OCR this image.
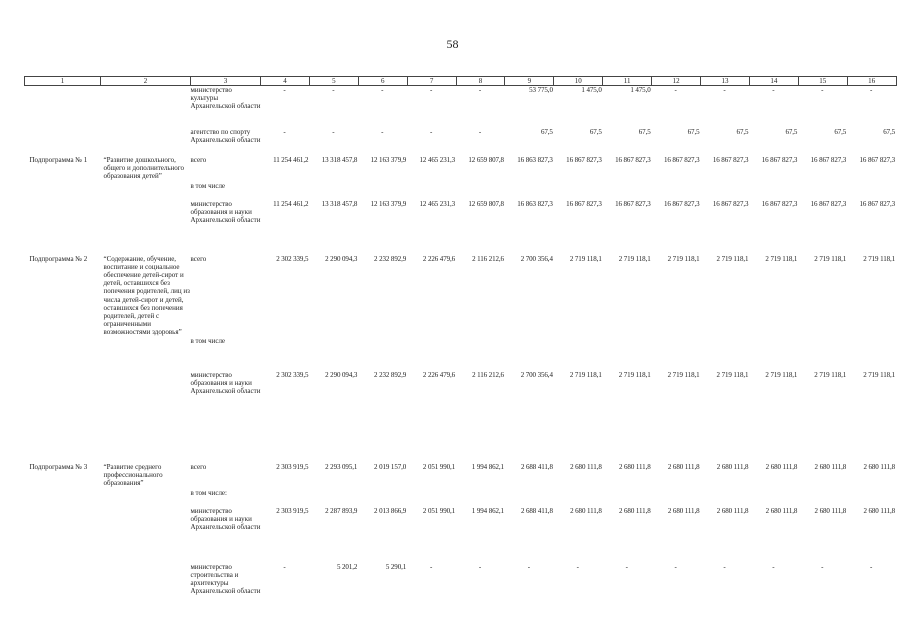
58
1	2	3	4	5	6	7	8	9	10	11	12	13	14	15	16
		министерство культуры Архангельской области	-	-	-	-	-	53 775,0	1 475,0	1 475,0	-	-	-	-	-
		агентство по спорту Архангельской области	-	-	-	-	-	67,5	67,5	67,5	67,5	67,5	67,5	67,5	67,5
Подпрограмма № 1	“Развитие дошкольного, общего и дополнительного образования детей”	всего	11 254 461,2	13 318 457,8	12 163 379,9	12 465 231,3	12 659 807,8	16 863 827,3	16 867 827,3	16 867 827,3	16 867 827,3	16 867 827,3	16 867 827,3	16 867 827,3	16 867 827,3
		в том числе													
		министерство образования и науки Архангельской области	11 254 461,2	13 318 457,8	12 163 379,9	12 465 231,3	12 659 807,8	16 863 827,3	16 867 827,3	16 867 827,3	16 867 827,3	16 867 827,3	16 867 827,3	16 867 827,3	16 867 827,3
Подпрограмма № 2	“Содержание, обучение, воспитание и социальное обеспечение детей-сирот и детей, оставшихся без попечения родителей, лиц из числа детей-сирот и детей, оставшихся без попечения родителей, детей с ограниченными возможностями здоровья”	всего	2 302 339,5	2 290 094,3	2 232 892,9	2 226 479,6	2 116 212,6	2 700 356,4	2 719 118,1	2 719 118,1	2 719 118,1	2 719 118,1	2 719 118,1	2 719 118,1	2 719 118,1
		в том числе													
		министерство образования и науки Архангельской области	2 302 339,5	2 290 094,3	2 232 892,9	2 226 479,6	2 116 212,6	2 700 356,4	2 719 118,1	2 719 118,1	2 719 118,1	2 719 118,1	2 719 118,1	2 719 118,1	2 719 118,1
Подпрограмма № 3	“Развитие среднего профессионального образования”	всего	2 303 919,5	2 293 095,1	2 019 157,0	2 051 990,1	1 994 862,1	2 688 411,8	2 680 111,8	2 680 111,8	2 680 111,8	2 680 111,8	2 680 111,8	2 680 111,8	2 680 111,8
		в том числе:													
		министерство образования и науки Архангельской области	2 303 919,5	2 287 893,9	2 013 866,9	2 051 990,1	1 994 862,1	2 688 411,8	2 680 111,8	2 680 111,8	2 680 111,8	2 680 111,8	2 680 111,8	2 680 111,8	2 680 111,8
		министерство строительства и архитектуры Архангельской области	-	5 201,2	5 290,1	-	-	-	-	-	-	-	-	-	-
